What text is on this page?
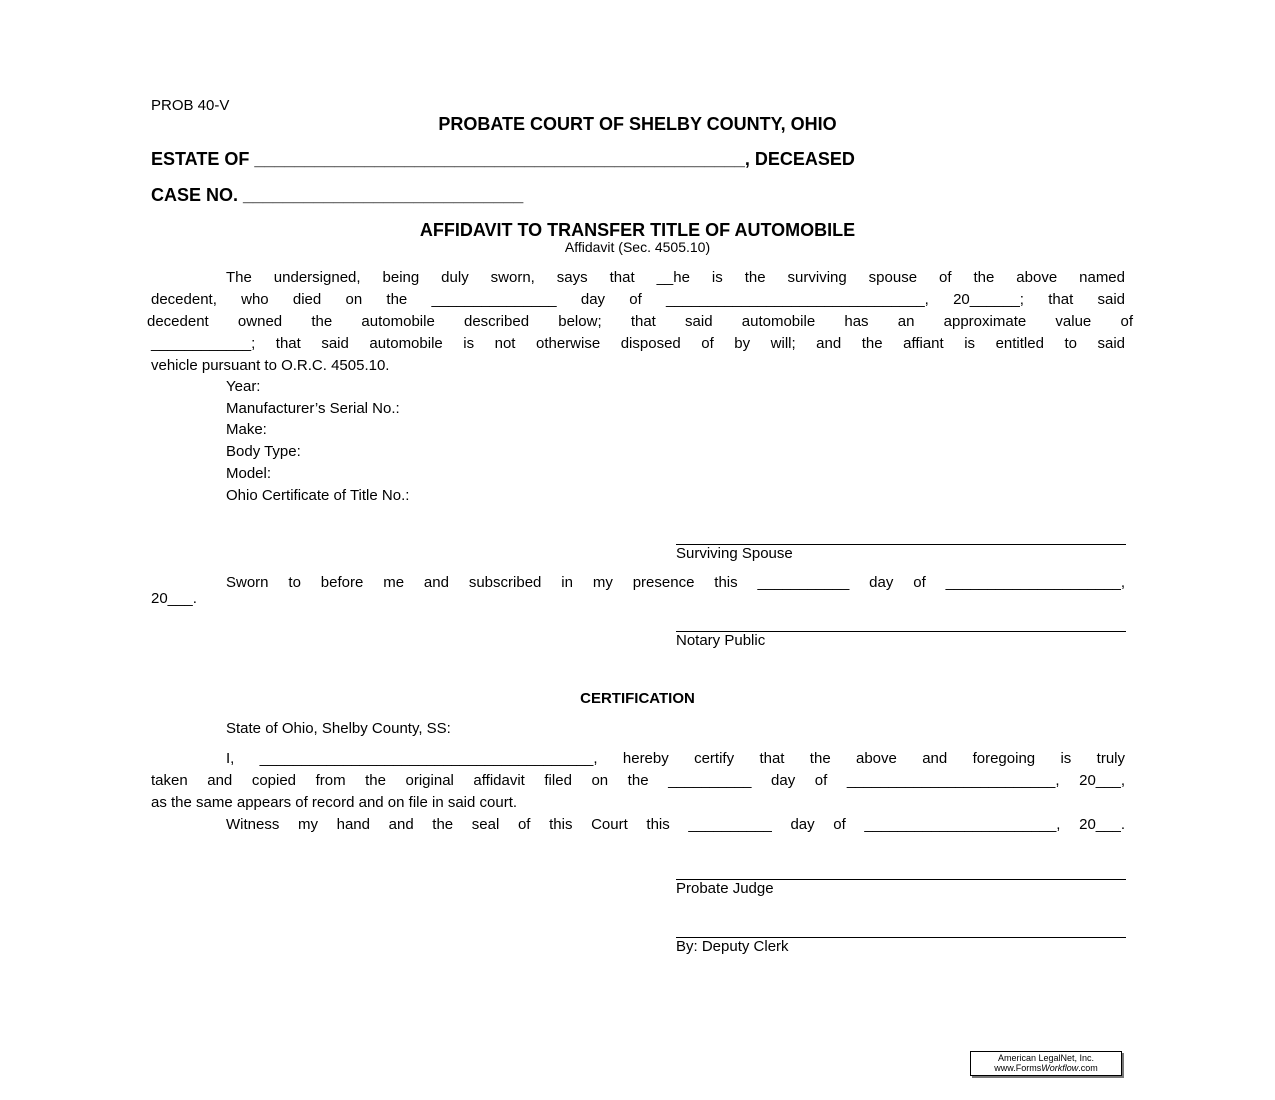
PROB 40-V
PROBATE COURT OF SHELBY COUNTY, OHIO
ESTATE OF _________________________________________________, DECEASED
CASE NO. ____________________________
AFFIDAVIT TO TRANSFER TITLE OF AUTOMOBILE
Affidavit (Sec. 4505.10)
The undersigned, being duly sworn, says that __he is the surviving spouse of the above named
decedent, who died on the _______________ day of _______________________________, 20______; that said
decedent owned the automobile described below; that said automobile has an approximate value of
____________; that said automobile is not otherwise disposed of by will; and the affiant is entitled to said
vehicle pursuant to O.R.C. 4505.10.
Year:
Manufacturer’s Serial No.:
Make:
Body Type:
Model:
Ohio Certificate of Title No.:
Surviving Spouse
Sworn to before me and subscribed in my presence this ___________ day of _____________________,
20___.
Notary Public
CERTIFICATION
State of Ohio, Shelby County, SS:
I, ________________________________________, hereby certify that the above and foregoing is truly
taken and copied from the original affidavit filed on the __________ day of _________________________, 20___,
as the same appears of record and on file in said court.
Witness my hand and the seal of this Court this __________ day of _______________________, 20___.
Probate Judge
By: Deputy Clerk
American LegalNet, Inc.
www.FormsWorkflow.com
